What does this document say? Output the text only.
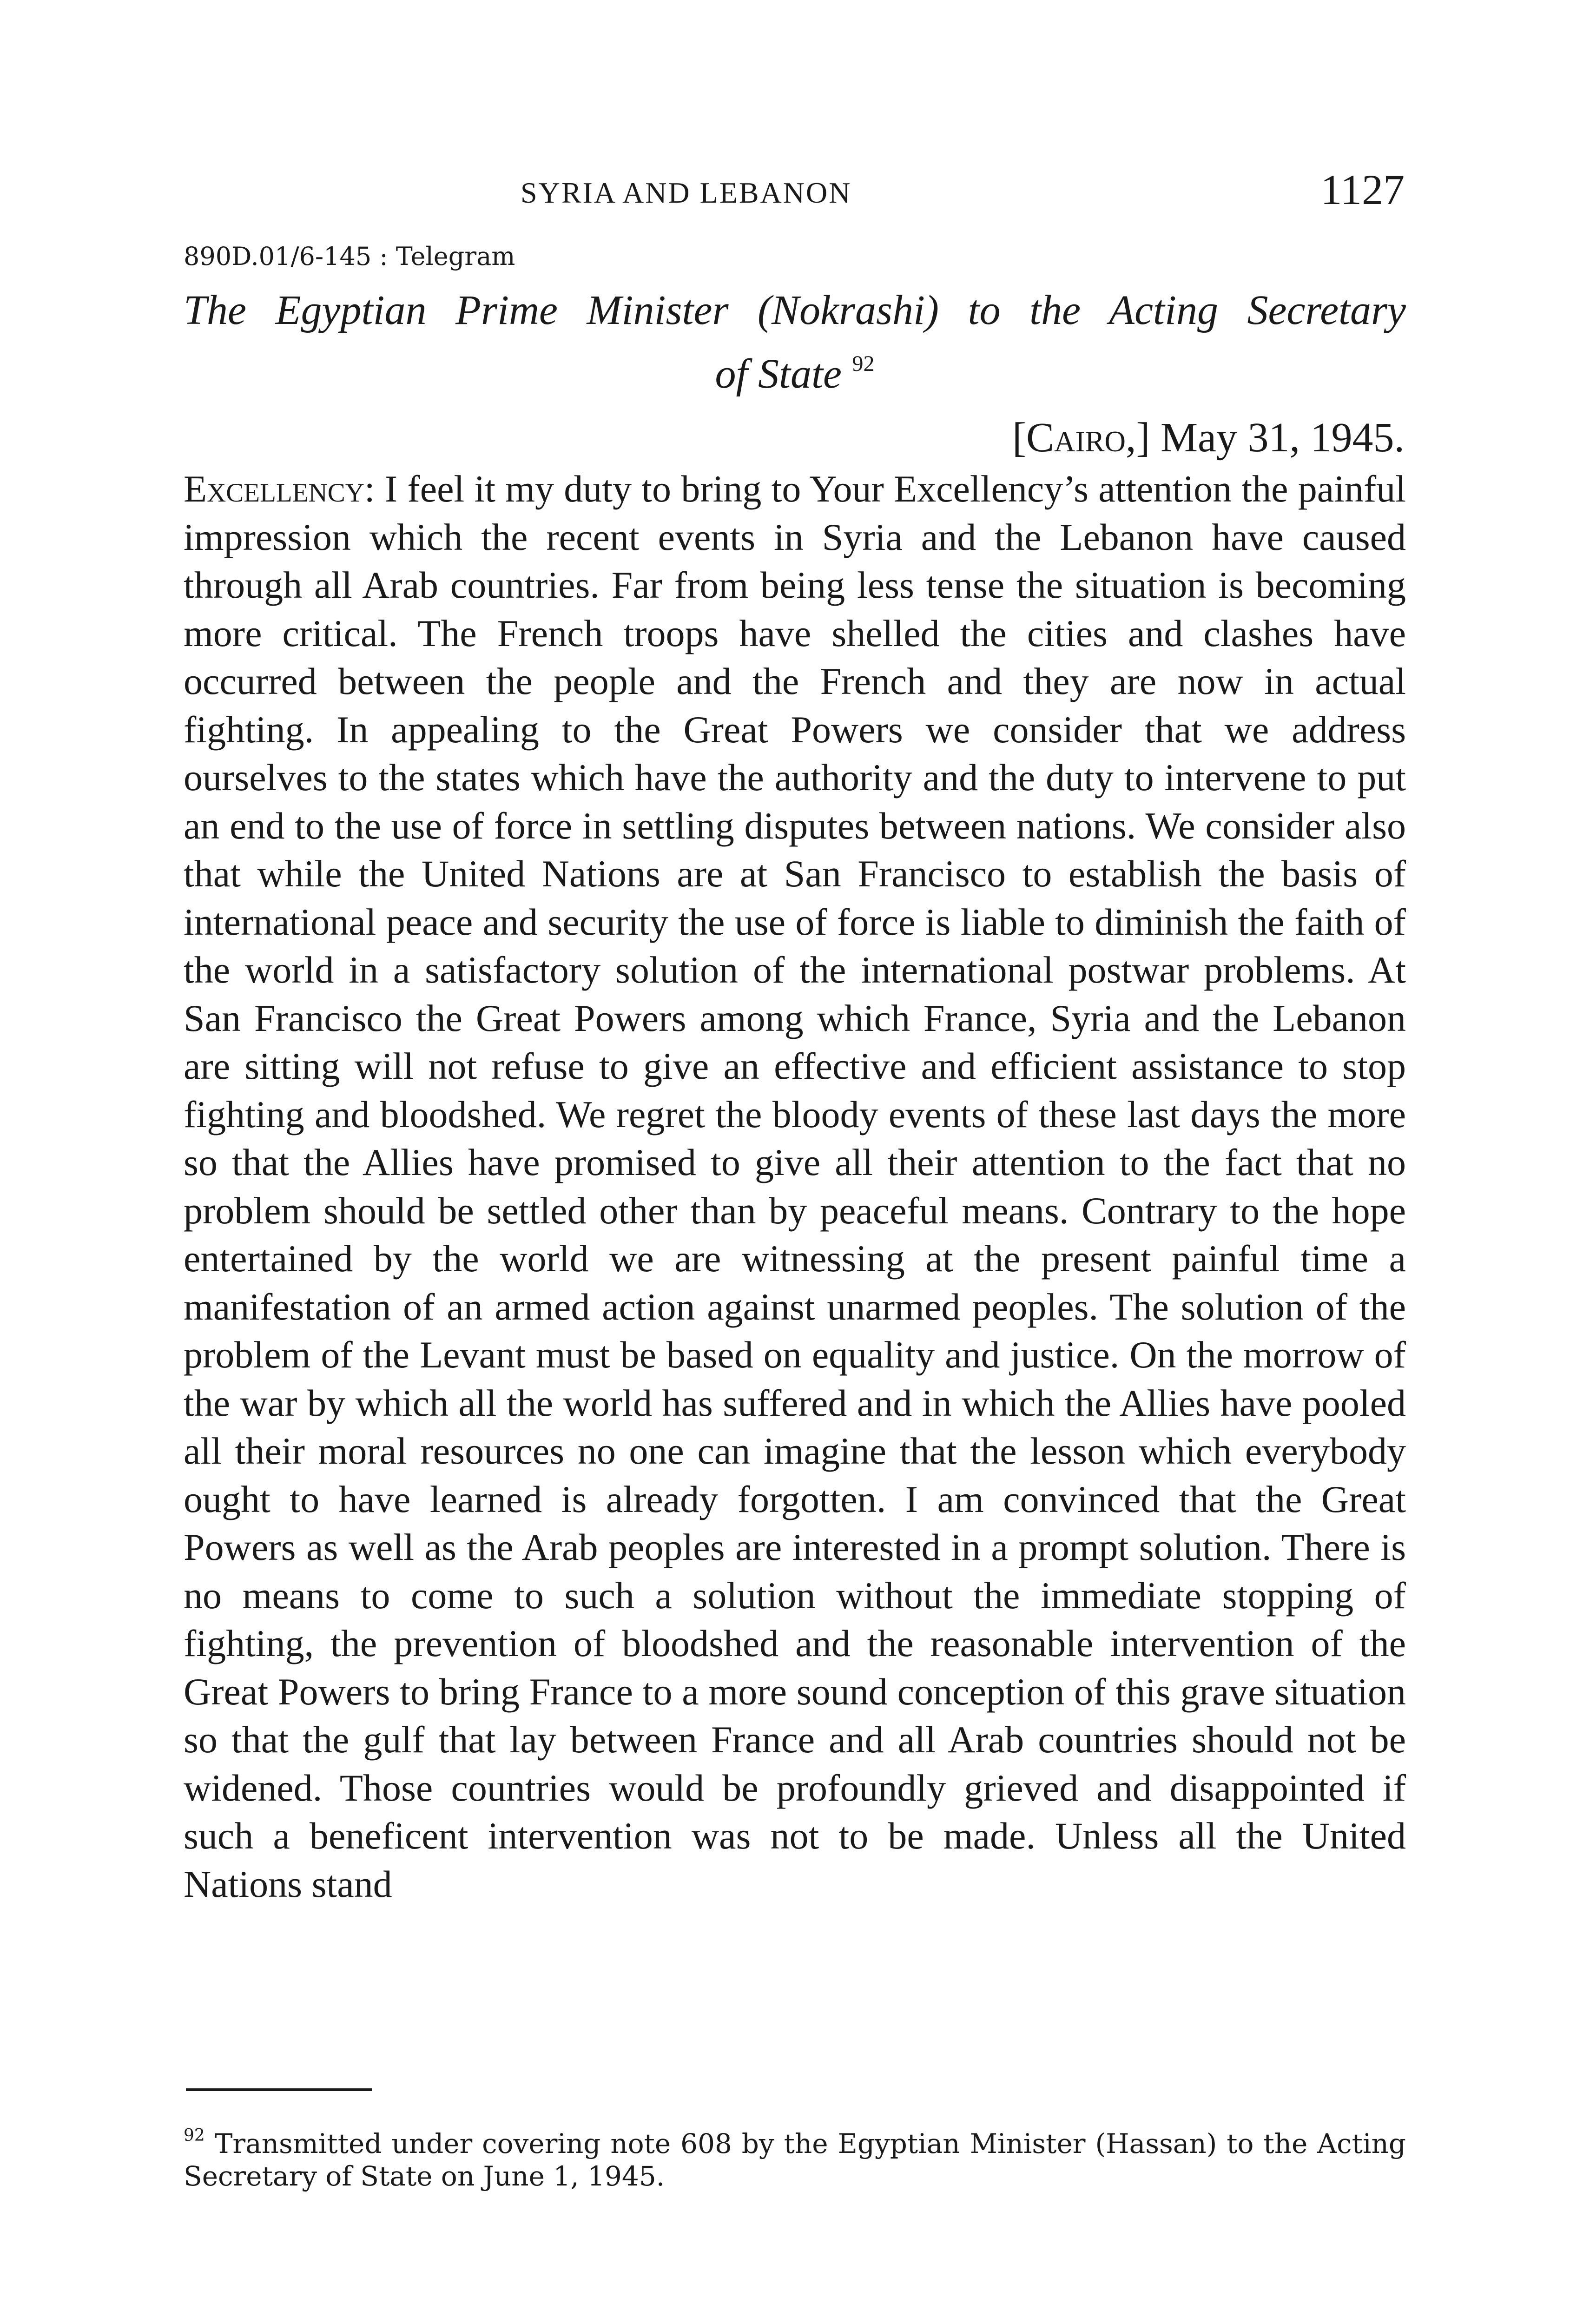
SYRIA AND LEBANON	1127
890D.01/6-145 : Telegram
The Egyptian Prime Minister (Nokrashi) to the Acting Secretary
of State $^{92}$
[Cairo,] May 31, 1945.

Excellency: I feel it my duty to bring to Your Excellency’s attention the painful impression which the recent events in Syria and the Lebanon have caused through all Arab countries. Far from being less tense the situation is becoming more critical. The French troops have shelled the cities and clashes have occurred between the people and the French and they are now in actual fighting. In appealing to the Great Powers we consider that we address ourselves to the states which have the authority and the duty to intervene to put an end to the use of force in settling disputes between nations. We consider also that while the United Nations are at San Francisco to establish the basis of international peace and security the use of force is liable to diminish the faith of the world in a satisfactory solution of the international postwar problems. At San Francisco the Great Powers among which France, Syria and the Lebanon are sitting will not refuse to give an effective and efficient assistance to stop fighting and bloodshed. We regret the bloody events of these last days the more so that the Allies have promised to give all their attention to the fact that no problem should be settled other than by peaceful means. Contrary to the hope entertained by the world we are witnessing at the present painful time a manifestation of an armed action against unarmed peoples. The solution of the problem of the Levant must be based on equality and justice. On the morrow of the war by which all the world has suffered and in which the Allies have pooled all their moral resources no one can imagine that the lesson which everybody ought to have learned is already forgotten. I am convinced that the Great Powers as well as the Arab peoples are interested in a prompt solution. There is no means to come to such a solution without the immediate stopping of fighting, the prevention of bloodshed and the reasonable intervention of the Great Powers to bring France to a more sound conception of this grave situation so that the gulf that lay between France and all Arab countries should not be widened. Those countries would be profoundly grieved and disappointed if such a beneficent intervention was not to be made. Unless all the United Nations stand

$^{92}$ Transmitted under covering note 608 by the Egyptian Minister (Hassan) to the Acting Secretary of State on June 1, 1945.
